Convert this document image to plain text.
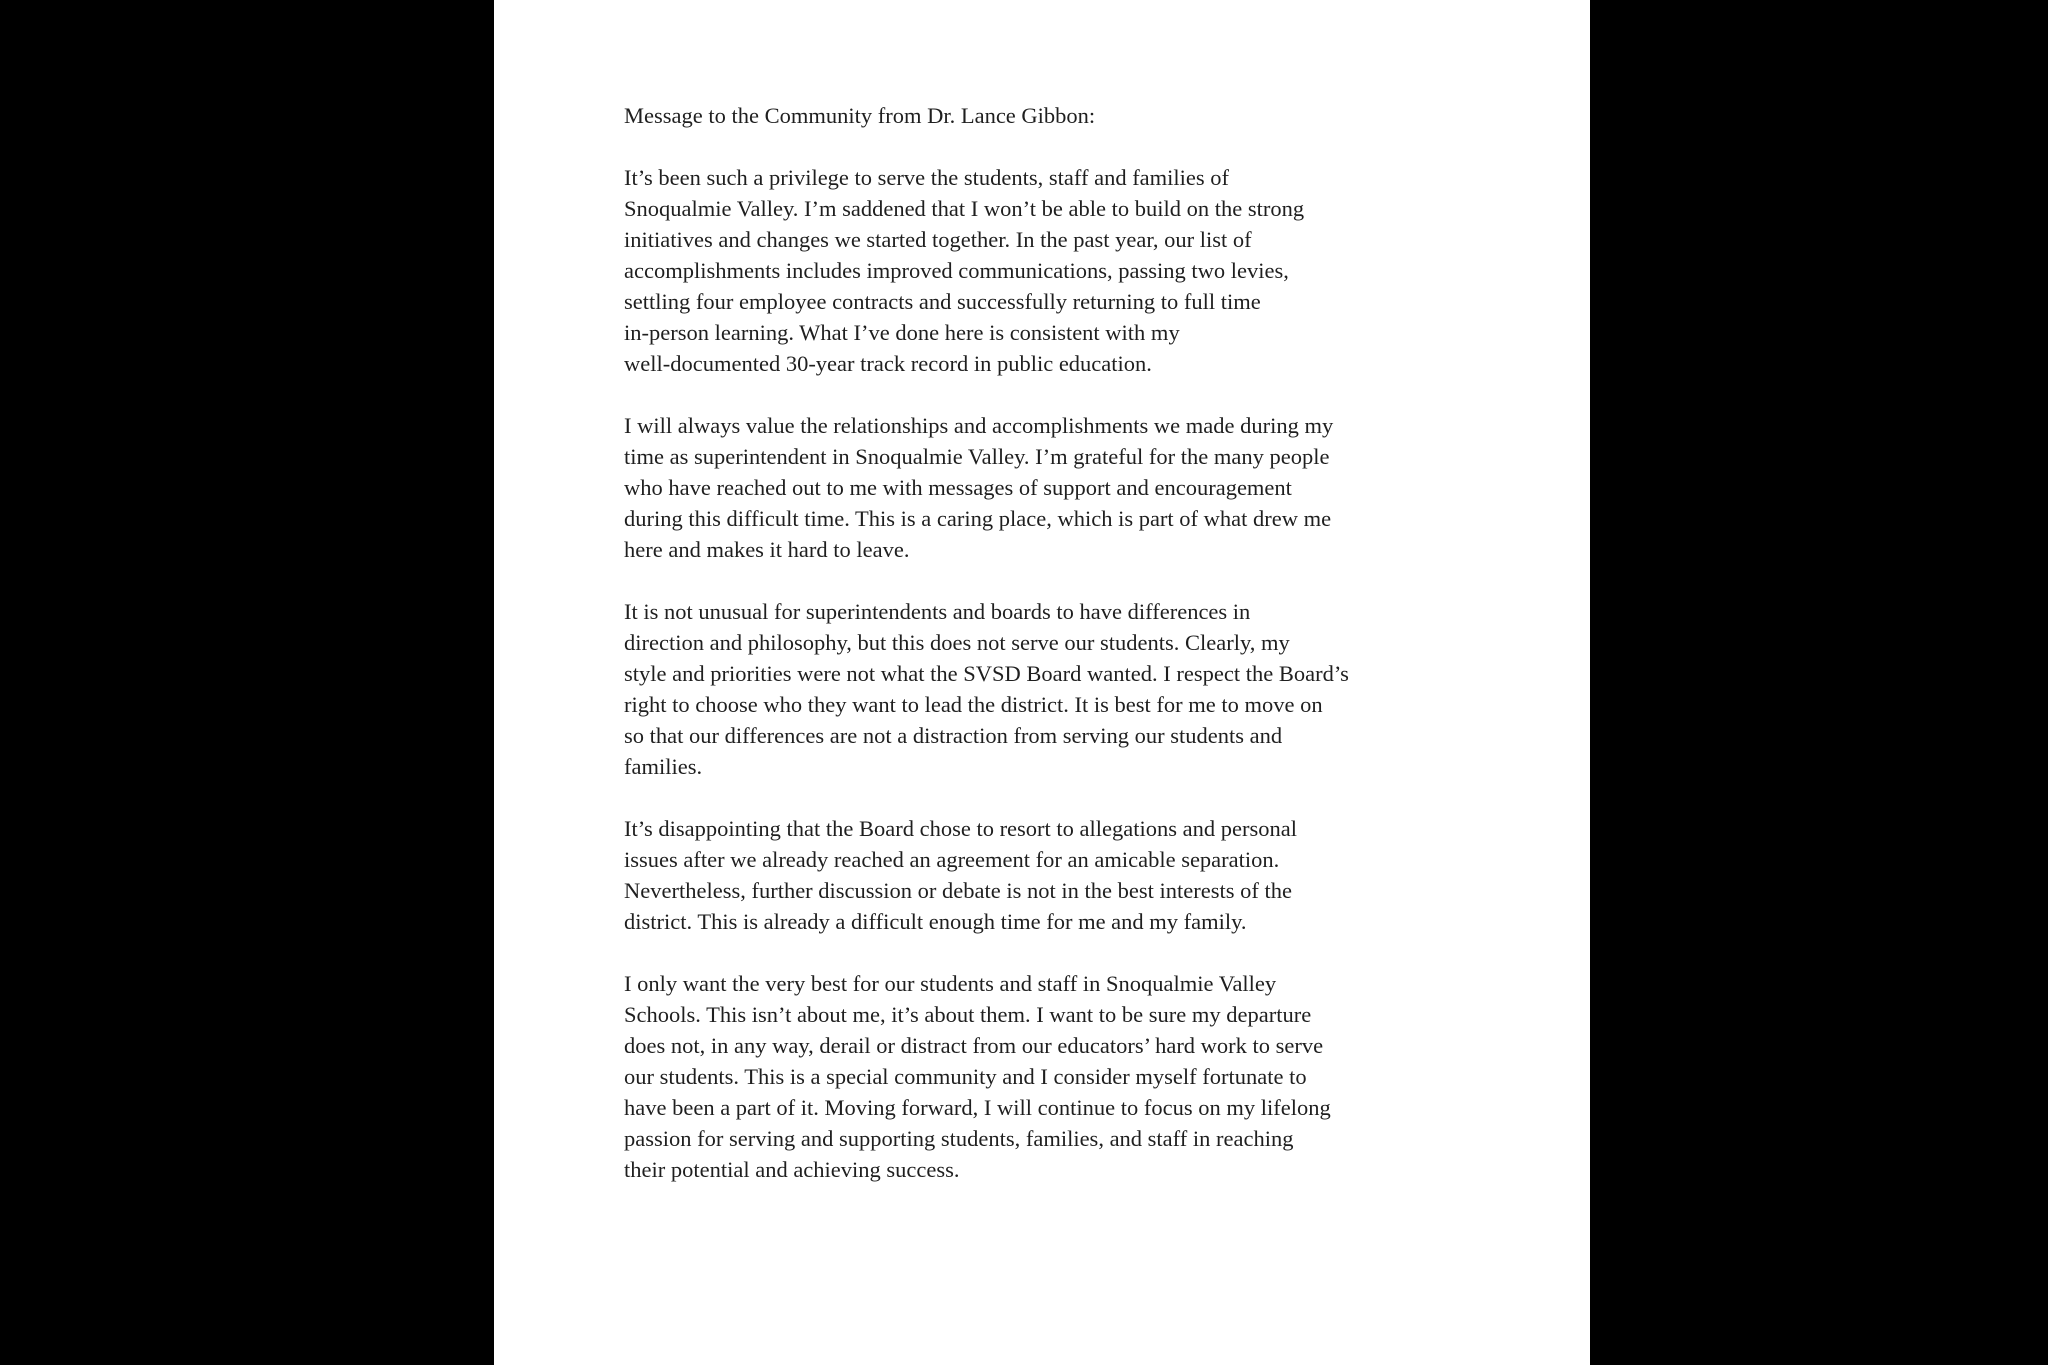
Message to the Community from Dr. Lance Gibbon:

It’s been such a privilege to serve the students, staff and families of
Snoqualmie Valley. I’m saddened that I won’t be able to build on the strong
initiatives and changes we started together. In the past year, our list of
accomplishments includes improved communications, passing two levies,
settling four employee contracts and successfully returning to full time
in-person learning. What I’ve done here is consistent with my
well-documented 30-year track record in public education.

I will always value the relationships and accomplishments we made during my
time as superintendent in Snoqualmie Valley. I’m grateful for the many people
who have reached out to me with messages of support and encouragement
during this difficult time. This is a caring place, which is part of what drew me
here and makes it hard to leave.

It is not unusual for superintendents and boards to have differences in
direction and philosophy, but this does not serve our students. Clearly, my
style and priorities were not what the SVSD Board wanted. I respect the Board’s
right to choose who they want to lead the district. It is best for me to move on
so that our differences are not a distraction from serving our students and
families.

It’s disappointing that the Board chose to resort to allegations and personal
issues after we already reached an agreement for an amicable separation.
Nevertheless, further discussion or debate is not in the best interests of the
district. This is already a difficult enough time for me and my family.

I only want the very best for our students and staff in Snoqualmie Valley
Schools. This isn’t about me, it’s about them. I want to be sure my departure
does not, in any way, derail or distract from our educators’ hard work to serve
our students. This is a special community and I consider myself fortunate to
have been a part of it. Moving forward, I will continue to focus on my lifelong
passion for serving and supporting students, families, and staff in reaching
their potential and achieving success.
